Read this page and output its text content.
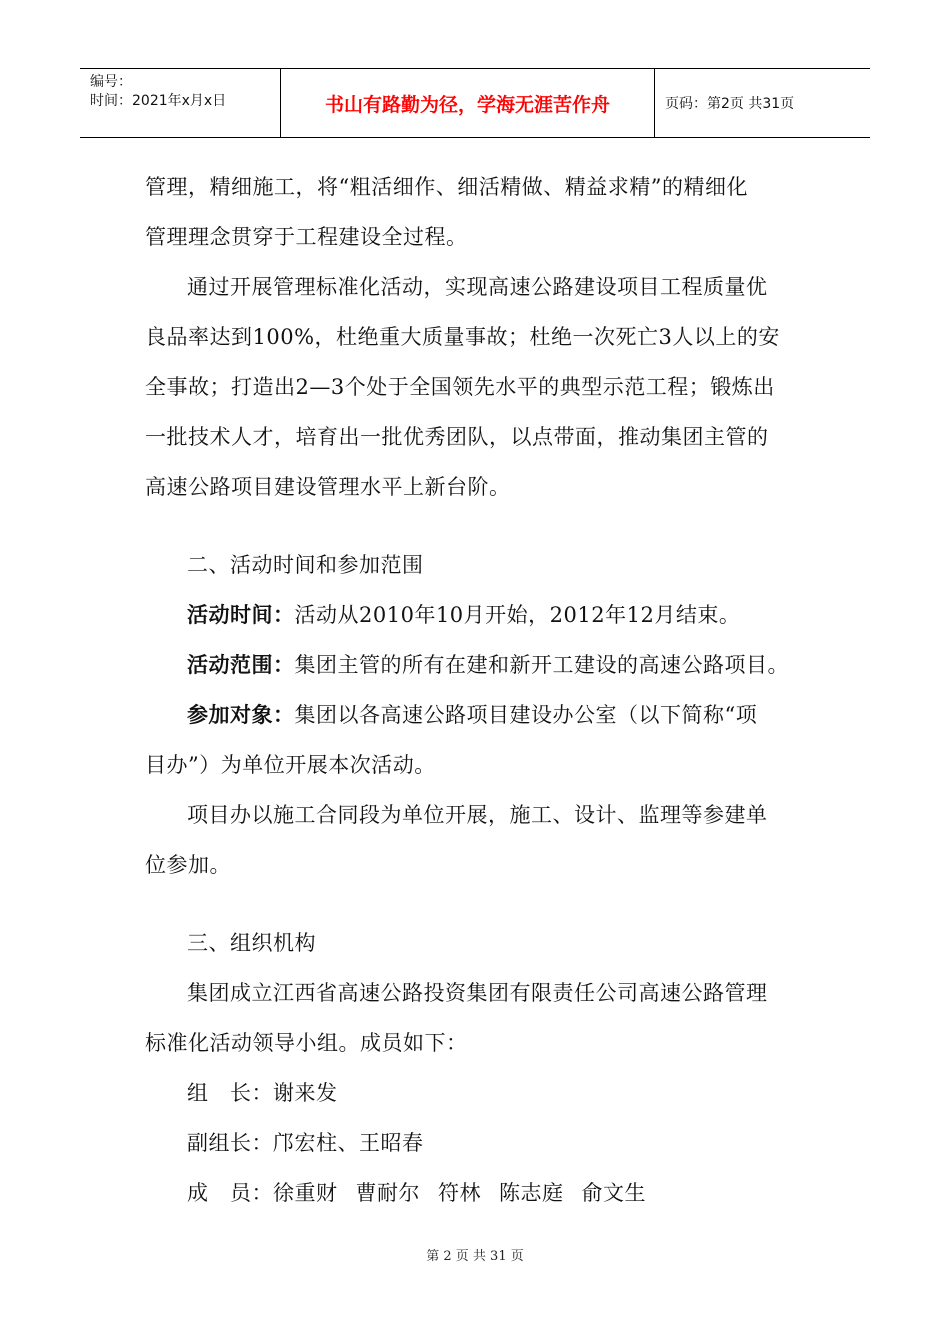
编号：
时间：2021年x月x日	书山有路勤为径，学海无涯苦作舟	页码：第2页 共31页

管理，精细施工，将“粗活细作、细活精做、精益求精”的精细化

管理理念贯穿于工程建设全过程。

通过开展管理标准化活动，实现高速公路建设项目工程质量优

良品率达到100%，杜绝重大质量事故；杜绝一次死亡3人以上的安

全事故；打造出2—3个处于全国领先水平的典型示范工程；锻炼出

一批技术人才，培育出一批优秀团队，以点带面，推动集团主管的

高速公路项目建设管理水平上新台阶。

二、活动时间和参加范围

活动时间：活动从2010年10月开始，2012年12月结束。

活动范围：集团主管的所有在建和新开工建设的高速公路项目。

参加对象：集团以各高速公路项目建设办公室（以下简称“项

目办”）为单位开展本次活动。

项目办以施工合同段为单位开展，施工、设计、监理等参建单

位参加。

三、组织机构

集团成立江西省高速公路投资集团有限责任公司高速公路管理

标准化活动领导小组。成员如下：

组　长：谢来发

副组长：邝宏柱、王昭春

成　员：徐重财 曹耐尔 符林 陈志庭 俞文生

第 2 页 共 31 页
